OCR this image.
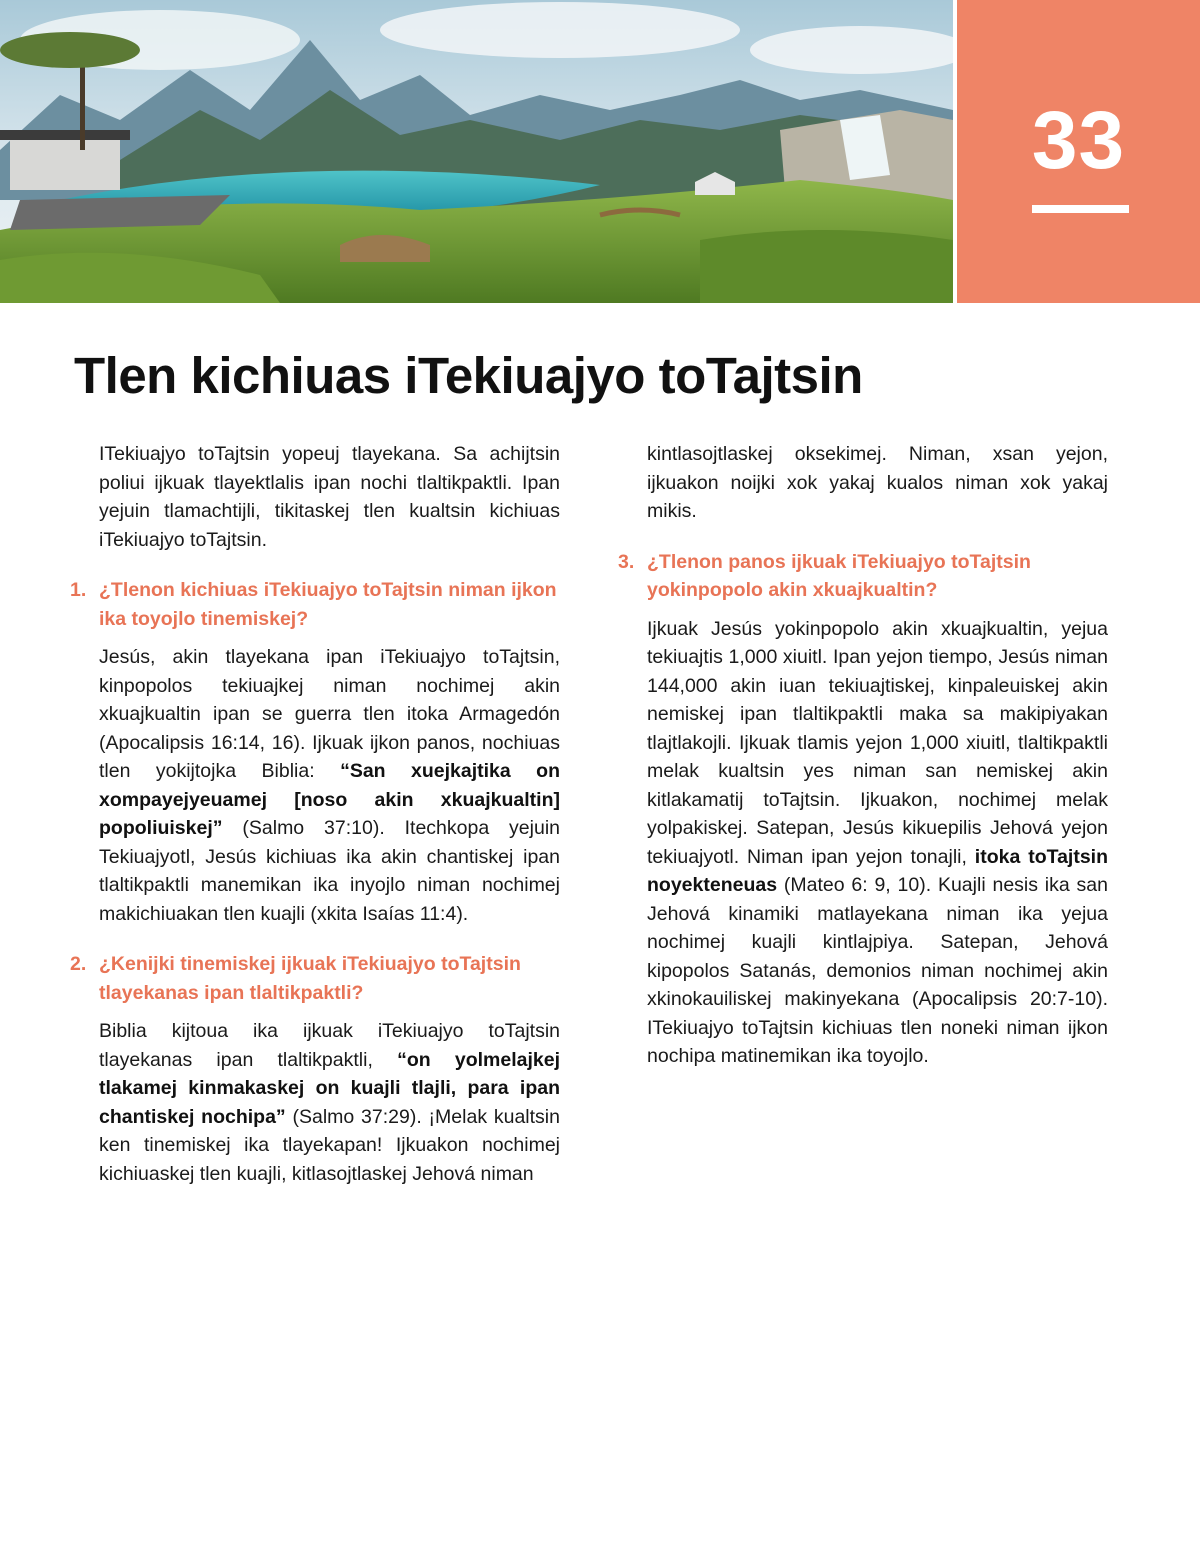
33
Tlen kichiuas iTekiuajyo toTajtsin

ITekiuajyo toTajtsin yopeuj tlayekana. Sa achijtsin poliui ijkuak tlayektlalis ipan nochi tlaltikpaktli. Ipan yejuin tlamachtijli, tikitaskej tlen kualtsin kichiuas iTekiuajyo toTajtsin.

1. ¿Tlenon kichiuas iTekiuajyo toTajtsin niman ijkon ika toyojlo tinemiskej?

Jesús, akin tlayekana ipan iTekiuajyo toTajtsin, kinpopolos tekiuajkej niman nochimej akin xkuajkualtin ipan se guerra tlen itoka Armagedón (Apocalipsis 16:14, 16). Ijkuak ijkon panos, nochiuas tlen yokijtojka Biblia: “San xuejkajtika on xompayejyeuamej [noso akin xkuajkualtin] popoliuiskej” (Salmo 37:10). Itechkopa yejuin Tekiuajyotl, Jesús kichiuas ika akin chantiskej ipan tlaltikpaktli manemikan ika inyojlo niman nochimej makichiuakan tlen kuajli (xkita Isaías 11:4).

2. ¿Kenijki tinemiskej ijkuak iTekiuajyo toTajtsin tlayekanas ipan tlaltikpaktli?

Biblia kijtoua ika ijkuak iTekiuajyo toTajtsin tlayekanas ipan tlaltikpaktli, “on yolmelajkej tlakamej kinmakaskej on kuajli tlajli, para ipan chantiskej nochipa” (Salmo 37:29). ¡Melak kualtsin ken tinemiskej ika tlayekapan! Ijkuakon nochimej kichiuaskej tlen kuajli, kitlasojtlaskej Jehová niman

kintlasojtlaskej oksekimej. Niman, xsan yejon, ijkuakon noijki xok yakaj kualos niman xok yakaj mikis.

3. ¿Tlenon panos ijkuak iTekiuajyo toTajtsin yokinpopolo akin xkuajkualtin?

Ijkuak Jesús yokinpopolo akin xkuajkualtin, yejua tekiuajtis 1,000 xiuitl. Ipan yejon tiempo, Jesús niman 144,000 akin iuan tekiuajtiskej, kinpaleuiskej akin nemiskej ipan tlaltikpaktli maka sa makipiyakan tlajtlakojli. Ijkuak tlamis yejon 1,000 xiuitl, tlaltikpaktli melak kualtsin yes niman san nemiskej akin kitlakamatij toTajtsin. Ijkuakon, nochimej melak yolpakiskej. Satepan, Jesús kikuepilis Jehová yejon tekiuajyotl. Niman ipan yejon tonajli, itoka toTajtsin noyekteneuas (Mateo 6: 9, 10). Kuajli nesis ika san Jehová kinamiki matlayekana niman ika yejua nochimej kuajli kintlajpiya. Satepan, Jehová kipopolos Satanás, demonios niman nochimej akin xkinokauiliskej makinyekana (Apocalipsis 20:7-10). ITekiuajyo toTajtsin kichiuas tlen noneki niman ijkon nochipa matinemikan ika toyojlo.
